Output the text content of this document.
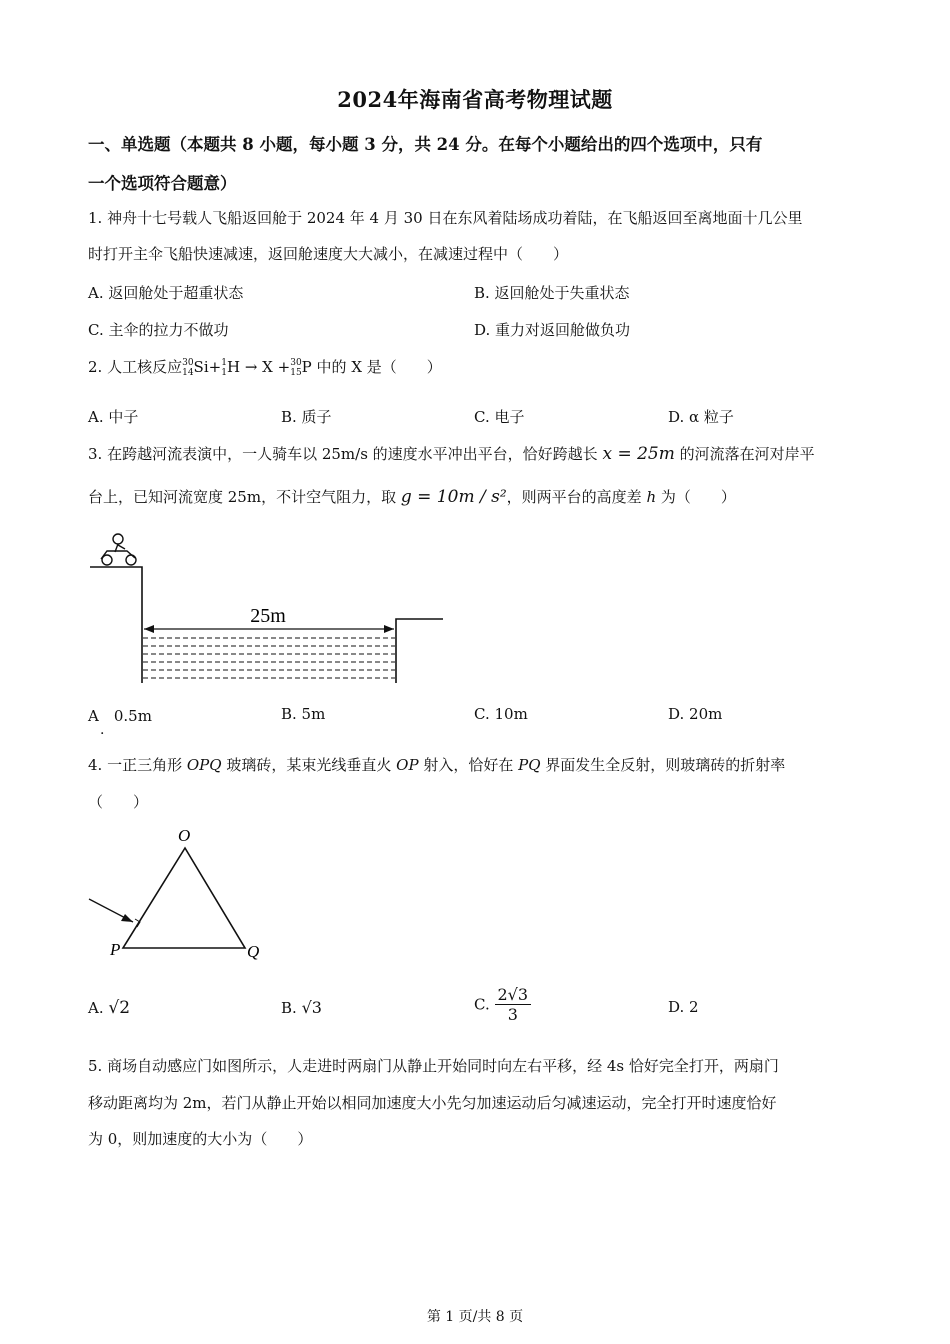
2024年海南省高考物理试题
一、单选题（本题共 8 小题，每小题 3 分，共 24 分。在每个小题给出的四个选项中，只有
一个选项符合题意）
1. 神舟十七号载人飞船返回舱于 2024 年 4 月 30 日在东风着陆场成功着陆，在飞船返回至离地面十几公里
时打开主伞飞船快速减速，返回舱速度大大减小，在减速过程中（　　）
A. 返回舱处于超重状态	B. 返回舱处于失重状态
C. 主伞的拉力不做功	D. 重力对返回舱做负功
2. 人工核反应 30
14 Si+ 1
1 H → X + 30
15 P 中的 X 是（　　）
A. 中子	B. 质子	C. 电子	D. α 粒子
3. 在跨越河流表演中，一人骑车以 25m/s 的速度水平冲出平台，恰好跨越长 x = 25m 的河流落在河对岸平
台上，已知河流宽度 25m，不计空气阻力，取 g = 10m / s²，则两平台的高度差 h 为（　　）
25m
A　0.5m
·
B. 5m	C. 10m	D. 20m
4. 一正三角形 OPQ 玻璃砖，某束光线垂直火 OP 射入，恰好在 PQ 界面发生全反射，则玻璃砖的折射率
（　　）
O
P	Q
A. √2	B. √3	C. $\frac{2√3}{3}$	D. 2
5. 商场自动感应门如图所示，人走进时两扇门从静止开始同时向左右平移，经 4s 恰好完全打开，两扇门
移动距离均为 2m，若门从静止开始以相同加速度大小先匀加速运动后匀减速运动，完全打开时速度恰好
为 0，则加速度的大小为（　　）
第 1 页/共 8 页
